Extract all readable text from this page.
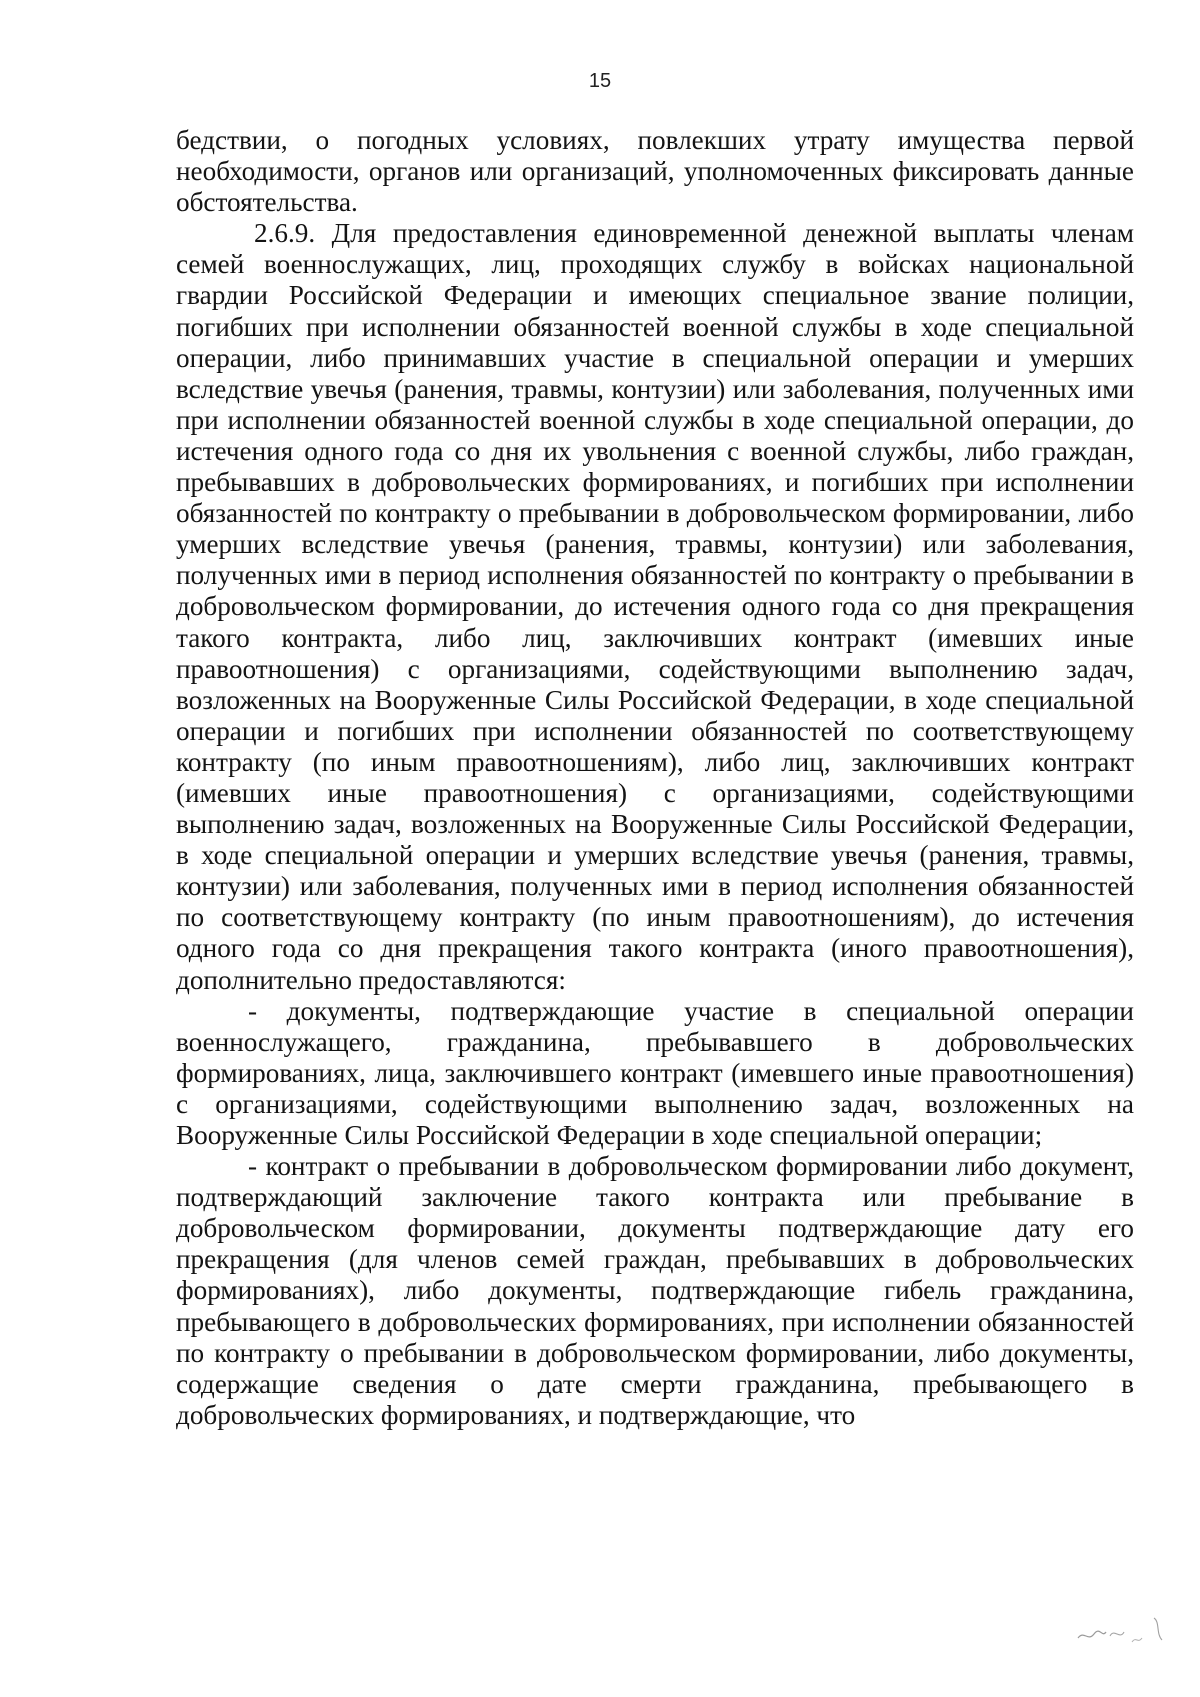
15

бедствии, о погодных условиях, повлекших утрату имущества первой необходимости, органов или организаций, уполномоченных фиксировать данные обстоятельства.

2.6.9. Для предоставления единовременной денежной выплаты членам семей военнослужащих, лиц, проходящих службу в войсках национальной гвардии Российской Федерации и имеющих специальное звание полиции, погибших при исполнении обязанностей военной службы в ходе специальной операции, либо принимавших участие в специальной операции и умерших вследствие увечья (ранения, травмы, контузии) или заболевания, полученных ими при исполнении обязанностей военной службы в ходе специальной операции, до истечения одного года со дня их увольнения с военной службы, либо граждан, пребывавших в добровольческих формированиях, и погибших при исполнении обязанностей по контракту о пребывании в добровольческом формировании, либо умерших вследствие увечья (ранения, травмы, контузии) или заболевания, полученных ими в период исполнения обязанностей по контракту о пребывании в добровольческом формировании, до истечения одного года со дня прекращения такого контракта, либо лиц, заключивших контракт (имевших иные правоотношения) с организациями, содействующими выполнению задач, возложенных на Вооруженные Силы Российской Федерации, в ходе специальной операции и погибших при исполнении обязанностей по соответствующему контракту (по иным правоотношениям), либо лиц, заключивших контракт (имевших иные правоотношения) с организациями, содействующими выполнению задач, возложенных на Вооруженные Силы Российской Федерации, в ходе специальной операции и умерших вследствие увечья (ранения, травмы, контузии) или заболевания, полученных ими в период исполнения обязанностей по соответствующему контракту (по иным правоотношениям), до истечения одного года со дня прекращения такого контракта (иного правоотношения), дополнительно предоставляются:

- документы, подтверждающие участие в специальной операции военнослужащего, гражданина, пребывавшего в добровольческих формированиях, лица, заключившего контракт (имевшего иные правоотношения) с организациями, содействующими выполнению задач, возложенных на Вооруженные Силы Российской Федерации в ходе специальной операции;

- контракт о пребывании в добровольческом формировании либо документ, подтверждающий заключение такого контракта или пребывание в добровольческом формировании, документы подтверждающие дату его прекращения (для членов семей граждан, пребывавших в добровольческих формированиях), либо документы, подтверждающие гибель гражданина, пребывающего в добровольческих формированиях, при исполнении обязанностей по контракту о пребывании в добровольческом формировании, либо документы, содержащие сведения о дате смерти гражданина, пребывающего в добровольческих формированиях, и подтверждающие, что
